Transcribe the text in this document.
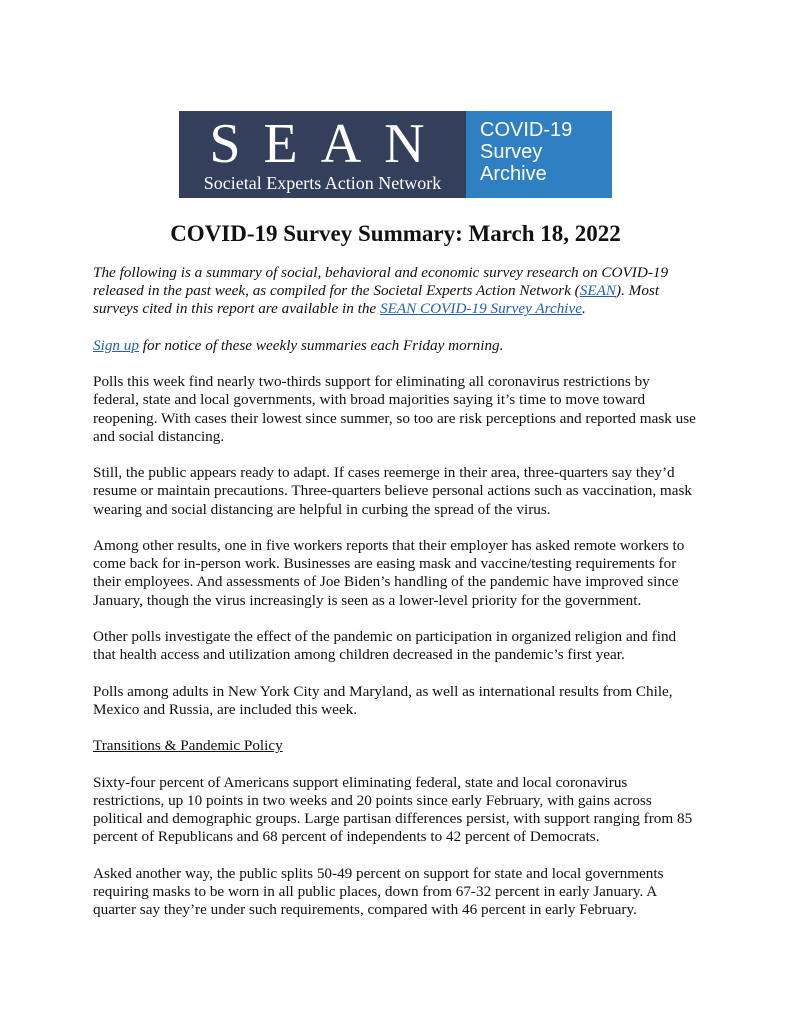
SEAN
Societal Experts Action Network
COVID-19
Survey
Archive
COVID-19 Survey Summary: March 18, 2022

The following is a summary of social, behavioral and economic survey research on COVID-19 released in the past week, as compiled for the Societal Experts Action Network (SEAN). Most surveys cited in this report are available in the SEAN COVID-19 Survey Archive.

Sign up for notice of these weekly summaries each Friday morning.

Polls this week find nearly two-thirds support for eliminating all coronavirus restrictions by federal, state and local governments, with broad majorities saying it’s time to move toward reopening. With cases their lowest since summer, so too are risk perceptions and reported mask use and social distancing.

Still, the public appears ready to adapt. If cases reemerge in their area, three-quarters say they’d resume or maintain precautions. Three-quarters believe personal actions such as vaccination, mask wearing and social distancing are helpful in curbing the spread of the virus.

Among other results, one in five workers reports that their employer has asked remote workers to come back for in-person work. Businesses are easing mask and vaccine/testing requirements for their employees. And assessments of Joe Biden’s handling of the pandemic have improved since January, though the virus increasingly is seen as a lower-level priority for the government.

Other polls investigate the effect of the pandemic on participation in organized religion and find that health access and utilization among children decreased in the pandemic’s first year.

Polls among adults in New York City and Maryland, as well as international results from Chile, Mexico and Russia, are included this week.

Transitions & Pandemic Policy

Sixty-four percent of Americans support eliminating federal, state and local coronavirus restrictions, up 10 points in two weeks and 20 points since early February, with gains across political and demographic groups. Large partisan differences persist, with support ranging from 85 percent of Republicans and 68 percent of independents to 42 percent of Democrats.

Asked another way, the public splits 50-49 percent on support for state and local governments requiring masks to be worn in all public places, down from 67-32 percent in early January. A quarter say they’re under such requirements, compared with 46 percent in early February.
